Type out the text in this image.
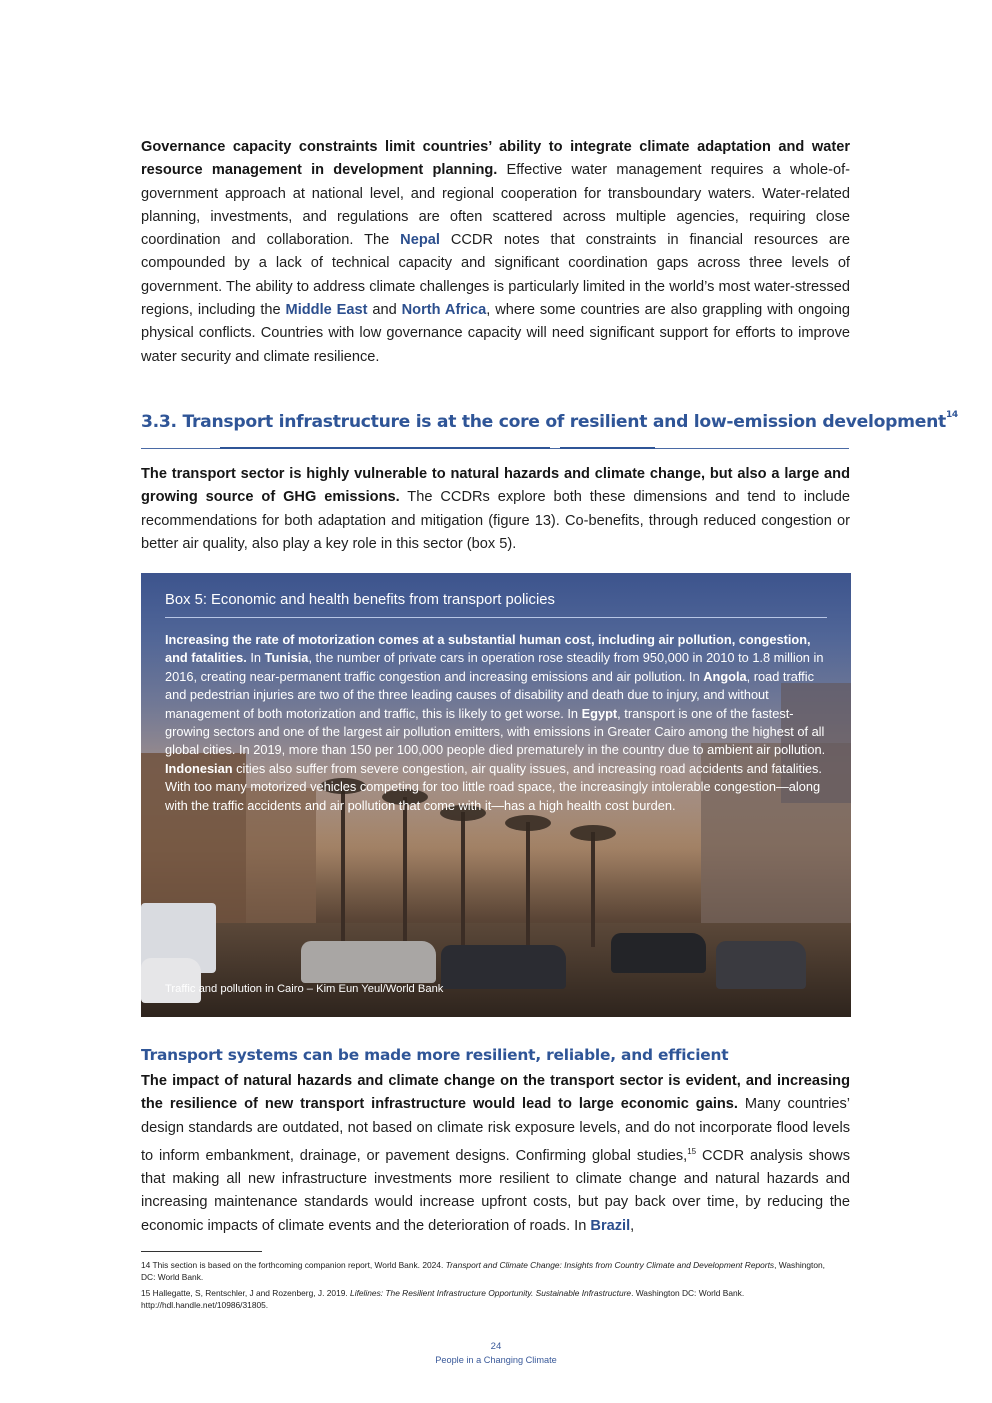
Governance capacity constraints limit countries’ ability to integrate climate adaptation and water resource management in development planning. Effective water management requires a whole-of-government approach at national level, and regional cooperation for transboundary waters. Water-related planning, investments, and regulations are often scattered across multiple agencies, requiring close coordination and collaboration. The Nepal CCDR notes that constraints in financial resources are compounded by a lack of technical capacity and significant coordination gaps across three levels of government. The ability to address climate challenges is particularly limited in the world’s most water-stressed regions, including the Middle East and North Africa, where some countries are also grappling with ongoing physical conflicts. Countries with low governance capacity will need significant support for efforts to improve water security and climate resilience.

3.3. Transport infrastructure is at the core of resilient and low-emission development$^{14}$

The transport sector is highly vulnerable to natural hazards and climate change, but also a large and growing source of GHG emissions. The CCDRs explore both these dimensions and tend to include recommendations for both adaptation and mitigation (figure 13). Co-benefits, through reduced congestion or better air quality, also play a key role in this sector (box 5).

Box 5: Economic and health benefits from transport policies
Increasing the rate of motorization comes at a substantial human cost, including air pollution, congestion, and fatalities. In Tunisia, the number of private cars in operation rose steadily from 950,000 in 2010 to 1.8 million in 2016, creating near-permanent traffic congestion and increasing emissions and air pollution. In Angola, road traffic and pedestrian injuries are two of the three leading causes of disability and death due to injury, and without management of both motorization and traffic, this is likely to get worse. In Egypt, transport is one of the fastest-growing sectors and one of the largest air pollution emitters, with emissions in Greater Cairo among the highest of all global cities. In 2019, more than 150 per 100,000 people died prematurely in the country due to ambient air pollution. Indonesian cities also suffer from severe congestion, air quality issues, and increasing road accidents and fatalities. With too many motorized vehicles competing for too little road space, the increasingly intolerable congestion—along with the traffic accidents and air pollution that come with it—has a high health cost burden.
Traffic and pollution in Cairo – Kim Eun Yeul/World Bank
Transport systems can be made more resilient, reliable, and efficient

The impact of natural hazards and climate change on the transport sector is evident, and increasing the resilience of new transport infrastructure would lead to large economic gains. Many countries’ design standards are outdated, not based on climate risk exposure levels, and do not incorporate flood levels to inform embankment, drainage, or pavement designs. Confirming global studies,$^{15}$ CCDR analysis shows that making all new infrastructure investments more resilient to climate change and natural hazards and increasing maintenance standards would increase upfront costs, but pay back over time, by reducing the economic impacts of climate events and the deterioration of roads. In Brazil,

14 This section is based on the forthcoming companion report, World Bank. 2024. Transport and Climate Change: Insights from Country Climate and Development Reports, Washington, DC: World Bank.
15 Hallegatte, S, Rentschler, J and Rozenberg, J. 2019. Lifelines: The Resilient Infrastructure Opportunity. Sustainable Infrastructure. Washington DC: World Bank.
http://hdl.handle.net/10986/31805.
24
People in a Changing Climate
